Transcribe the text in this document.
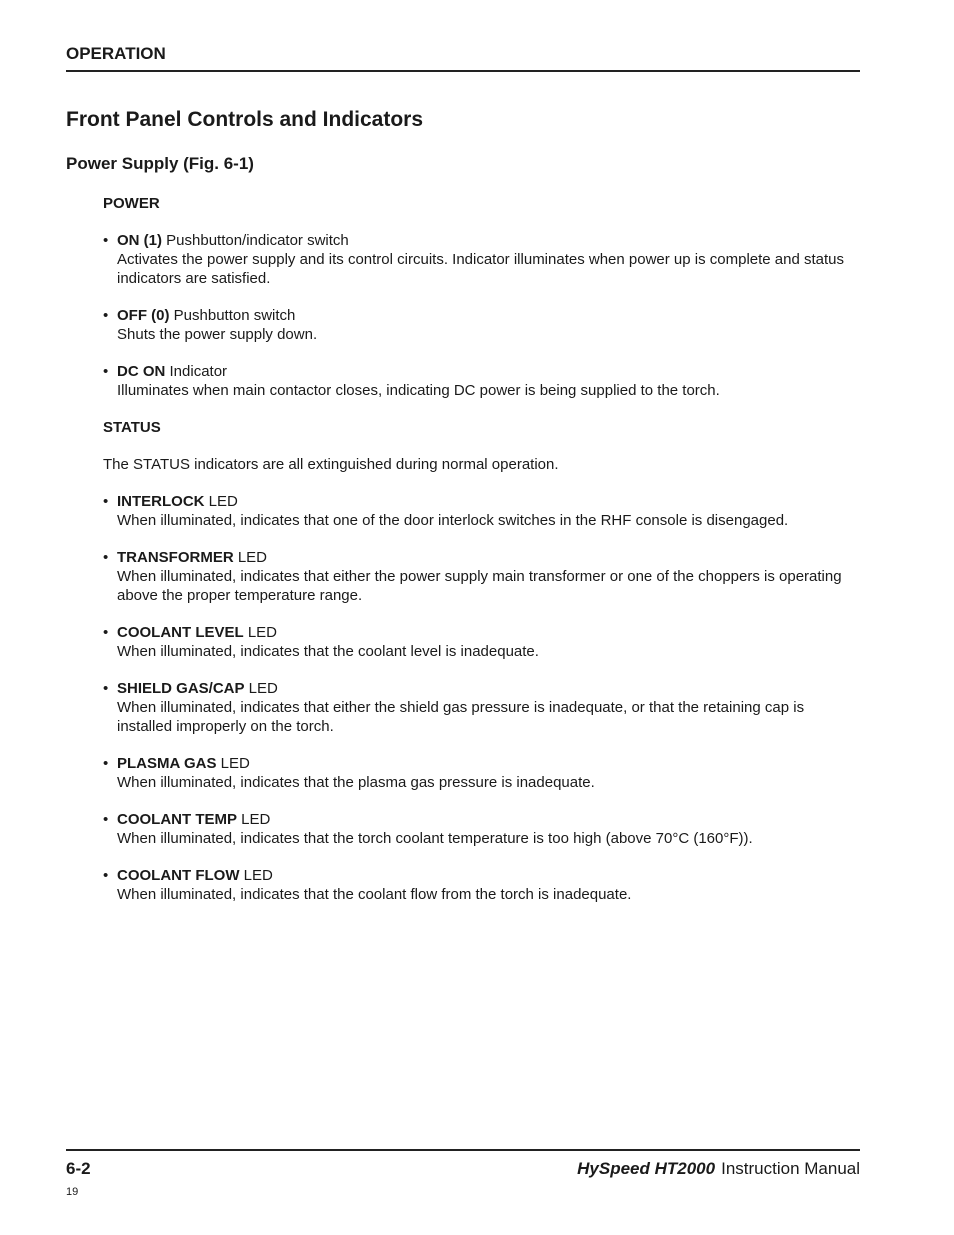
OPERATION
Front Panel Controls and Indicators
Power Supply (Fig. 6-1)
POWER
• ON (1) Pushbutton/indicator switch
Activates the power supply and its control circuits. Indicator illuminates when power up is complete and status indicators are satisfied.
• OFF (0) Pushbutton switch
Shuts the power supply down.
• DC ON Indicator
Illuminates when main contactor closes, indicating DC power is being supplied to the torch.
STATUS
The STATUS indicators are all extinguished during normal operation.
• INTERLOCK LED
When illuminated, indicates that one of the door interlock switches in the RHF console is disengaged.
• TRANSFORMER LED
When illuminated, indicates that either the power supply main transformer or one of the choppers is operating above the proper temperature range.
• COOLANT LEVEL LED
When illuminated, indicates that the coolant level is inadequate.
• SHIELD GAS/CAP LED
When illuminated, indicates that either the shield gas pressure is inadequate, or that the retaining cap is installed improperly on the torch.
• PLASMA GAS LED
When illuminated, indicates that the plasma gas pressure is inadequate.
• COOLANT TEMP LED
When illuminated, indicates that the torch coolant temperature is too high (above 70°C (160°F)).
• COOLANT FLOW LED
When illuminated, indicates that the coolant flow from the torch is inadequate.
6-2	HySpeed HT2000 Instruction Manual
19
